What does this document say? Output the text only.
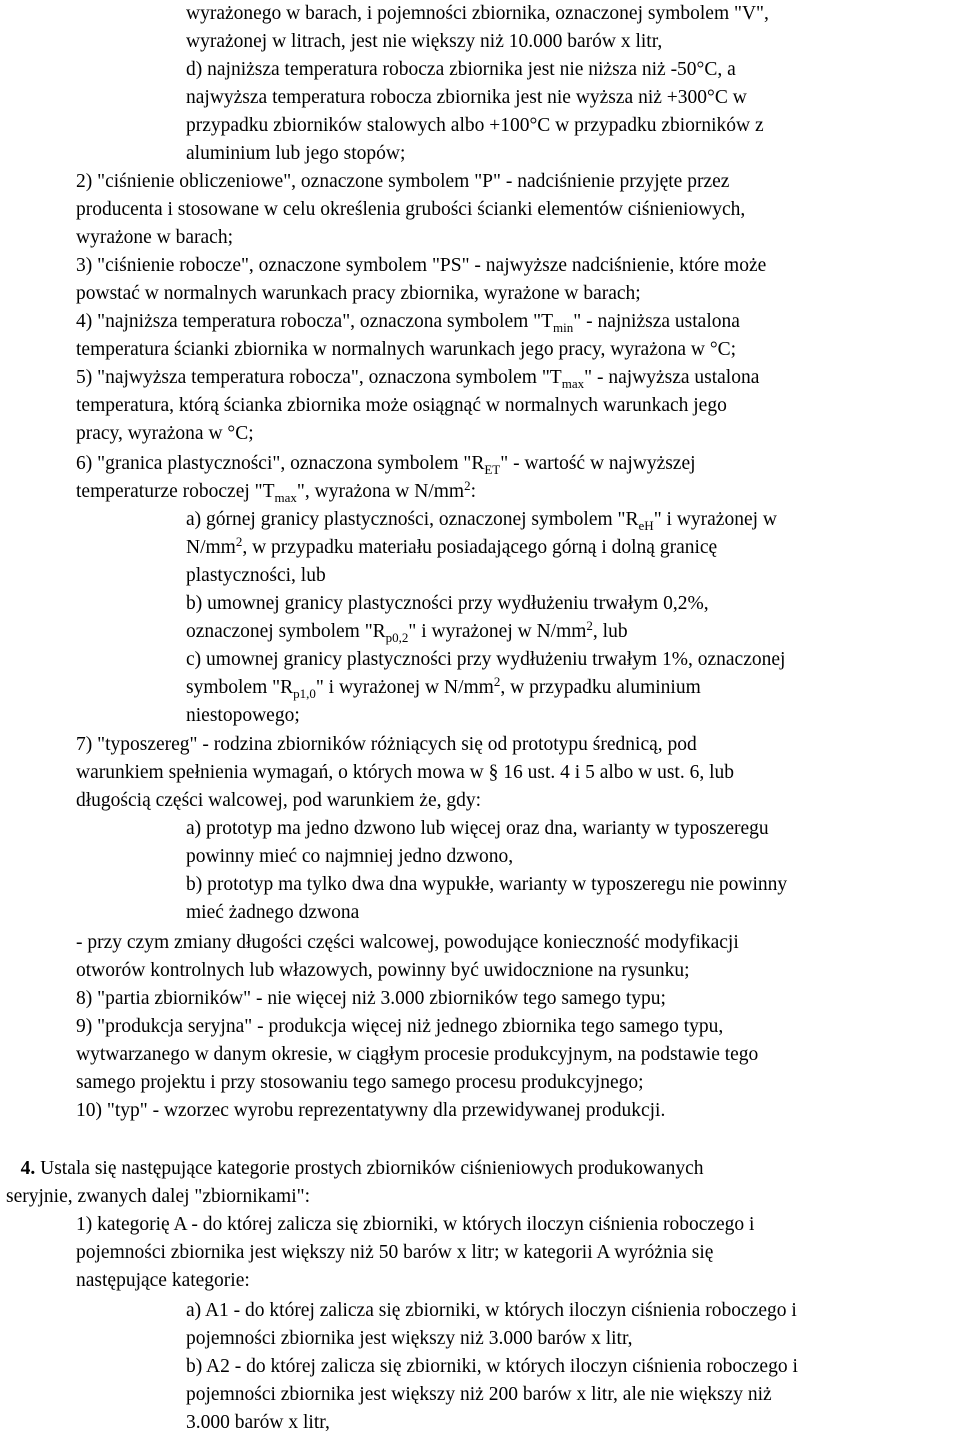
wyrażonego w barach, i pojemności zbiornika, oznaczonej symbolem "V",
wyrażonej w litrach, jest nie większy niż 10.000 barów x litr,
d) najniższa temperatura robocza zbiornika jest nie niższa niż -50°C, a
najwyższa temperatura robocza zbiornika jest nie wyższa niż +300°C w
przypadku zbiorników stalowych albo +100°C w przypadku zbiorników z
aluminium lub jego stopów;
2) "ciśnienie obliczeniowe", oznaczone symbolem "P" - nadciśnienie przyjęte przez
producenta i stosowane w celu określenia grubości ścianki elementów ciśnieniowych,
wyrażone w barach;
3) "ciśnienie robocze", oznaczone symbolem "PS" - najwyższe nadciśnienie, które może
powstać w normalnych warunkach pracy zbiornika, wyrażone w barach;
4) "najniższa temperatura robocza", oznaczona symbolem "$T_{min}$" - najniższa ustalona
temperatura ścianki zbiornika w normalnych warunkach jego pracy, wyrażona w °C;
5) "najwyższa temperatura robocza", oznaczona symbolem "$T_{max}$" - najwyższa ustalona
temperatura, którą ścianka zbiornika może osiągnąć w normalnych warunkach jego
pracy, wyrażona w °C;
6) "granica plastyczności", oznaczona symbolem "$R_{ET}$" - wartość w najwyższej
temperaturze roboczej "$T_{max}$", wyrażona w $N/mm^2$:
a) górnej granicy plastyczności, oznaczonej symbolem "$R_{eH}$" i wyrażonej w
$N/mm^2$, w przypadku materiału posiadającego górną i dolną granicę
plastyczności, lub
b) umownej granicy plastyczności przy wydłużeniu trwałym 0,2%,
oznaczonej symbolem "$R_{p0,2}$" i wyrażonej w $N/mm^2$, lub
c) umownej granicy plastyczności przy wydłużeniu trwałym 1%, oznaczonej
symbolem "$R_{p1,0}$" i wyrażonej w $N/mm^2$, w przypadku aluminium
niestopowego;
7) "typoszereg" - rodzina zbiorników różniących się od prototypu średnicą, pod
warunkiem spełnienia wymagań, o których mowa w § 16 ust. 4 i 5 albo w ust. 6, lub
długością części walcowej, pod warunkiem że, gdy:
a) prototyp ma jedno dzwono lub więcej oraz dna, warianty w typoszeregu
powinny mieć co najmniej jedno dzwono,
b) prototyp ma tylko dwa dna wypukłe, warianty w typoszeregu nie powinny
mieć żadnego dzwona
- przy czym zmiany długości części walcowej, powodujące konieczność modyfikacji
otworów kontrolnych lub włazowych, powinny być uwidocznione na rysunku;
8) "partia zbiorników" - nie więcej niż 3.000 zbiorników tego samego typu;
9) "produkcja seryjna" - produkcja więcej niż jednego zbiornika tego samego typu,
wytwarzanego w danym okresie, w ciągłym procesie produkcyjnym, na podstawie tego
samego projektu i przy stosowaniu tego samego procesu produkcyjnego;
10) "typ" - wzorzec wyrobu reprezentatywny dla przewidywanej produkcji.
4. Ustala się następujące kategorie prostych zbiorników ciśnieniowych produkowanych
seryjnie, zwanych dalej "zbiornikami":
1) kategorię A - do której zalicza się zbiorniki, w których iloczyn ciśnienia roboczego i
pojemności zbiornika jest większy niż 50 barów x litr; w kategorii A wyróżnia się
następujące kategorie:
a) A1 - do której zalicza się zbiorniki, w których iloczyn ciśnienia roboczego i
pojemności zbiornika jest większy niż 3.000 barów x litr,
b) A2 - do której zalicza się zbiorniki, w których iloczyn ciśnienia roboczego i
pojemności zbiornika jest większy niż 200 barów x litr, ale nie większy niż
3.000 barów x litr,
